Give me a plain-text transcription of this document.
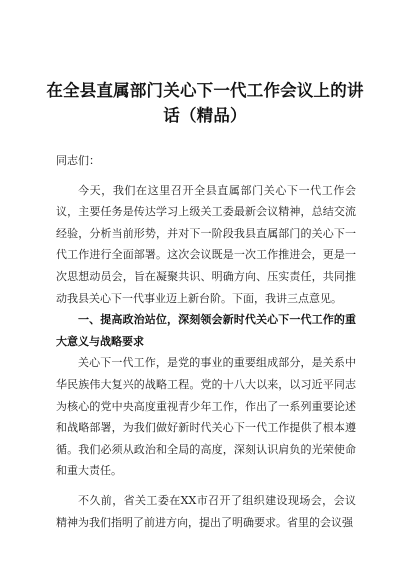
在全县直属部门关心下一代工作会议上的讲话（精品）

同志们：

今天，我们在这里召开全县直属部门关心下一代工作会议，主要任务是传达学习上级关工委最新会议精神，总结交流经验，分析当前形势，并对下一阶段我县直属部门的关心下一代工作进行全面部署。这次会议既是一次工作推进会，更是一次思想动员会，旨在凝聚共识、明确方向、压实责任，共同推动我县关心下一代事业迈上新台阶。下面，我讲三点意见。

一、提高政治站位，深刻领会新时代关心下一代工作的重大意义与战略要求

关心下一代工作，是党的事业的重要组成部分，是关系中华民族伟大复兴的战略工程。党的十八大以来，以习近平同志为核心的党中央高度重视青少年工作，作出了一系列重要论述和战略部署，为我们做好新时代关心下一代工作提供了根本遵循。我们必须从政治和全局的高度，深刻认识肩负的光荣使命和重大责任。

不久前，省关工委在XX市召开了组织建设现场会，会议精神为我们指明了前进方向，提出了明确要求。省里的会议强
